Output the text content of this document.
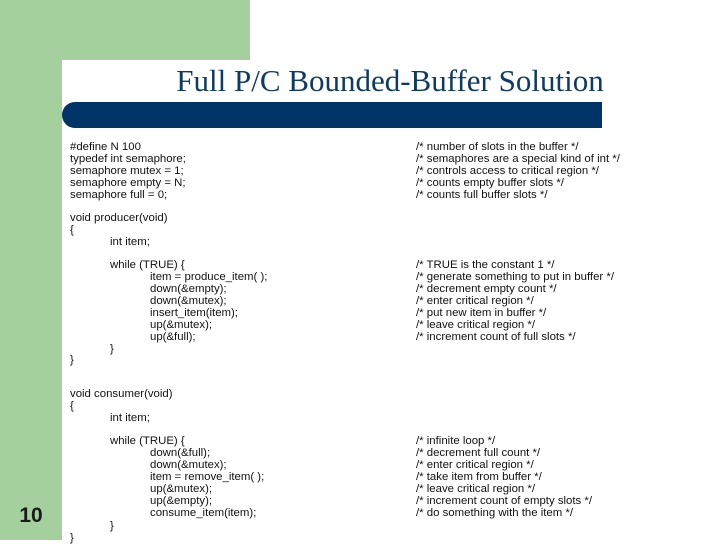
Full P/C Bounded-Buffer Solution
#define N 100	/* number of slots in the buffer */
typedef int semaphore;	/* semaphores are a special kind of int */
semaphore mutex = 1;	/* controls access to critical region */
semaphore empty = N;	/* counts empty buffer slots */
semaphore full = 0;	/* counts full buffer slots */
void producer(void)
{
int item;
while (TRUE) {	/* TRUE is the constant 1 */
item = produce_item( );	/* generate something to put in buffer */
down(&empty);	/* decrement empty count */
down(&mutex);	/* enter critical region */
insert_item(item);	/* put new item in buffer */
up(&mutex);	/* leave critical region */
up(&full);	/* increment count of full slots */
}
}
void consumer(void)
{
int item;
while (TRUE) {	/* infinite loop */
down(&full);	/* decrement full count */
down(&mutex);	/* enter critical region */
item = remove_item( );	/* take item from buffer */
up(&mutex);	/* leave critical region */
up(&empty);	/* increment count of empty slots */
consume_item(item);	/* do something with the item */
}
}
10
